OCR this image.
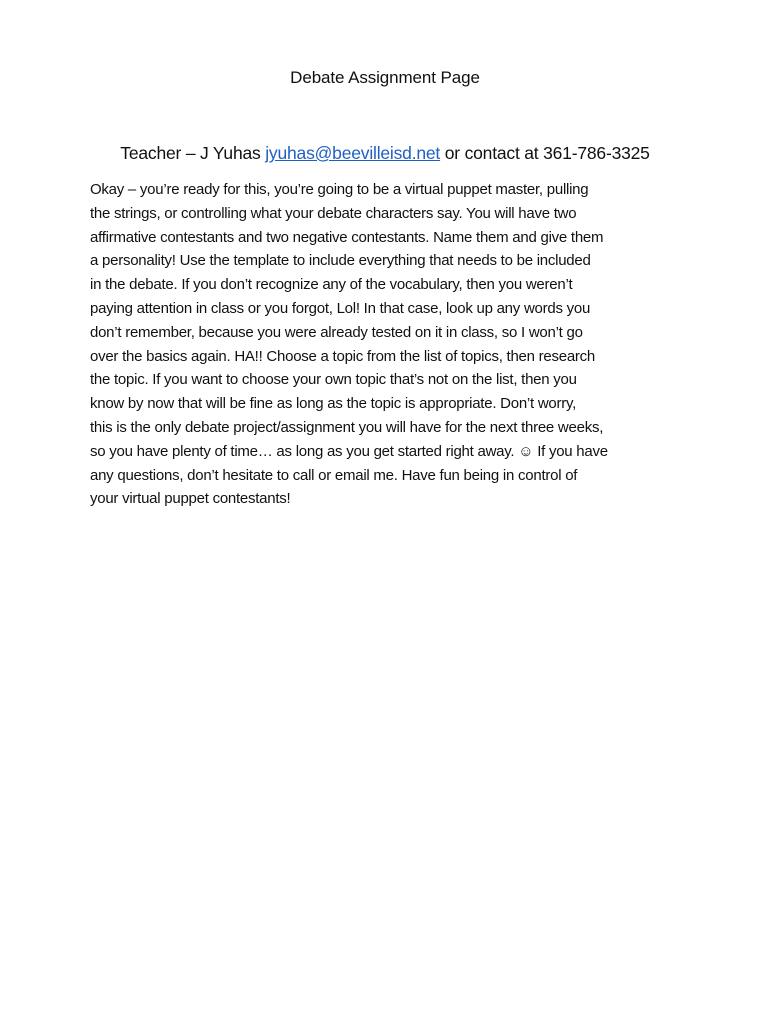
Debate Assignment Page
Teacher – J Yuhas jyuhas@beevilleisd.net or contact at 361-786-3325
Okay – you’re ready for this, you’re going to be a virtual puppet master, pulling
the strings, or controlling what your debate characters say. You will have two
affirmative contestants and two negative contestants. Name them and give them
a personality! Use the template to include everything that needs to be included
in the debate. If you don’t recognize any of the vocabulary, then you weren’t
paying attention in class or you forgot, Lol! In that case, look up any words you
don’t remember, because you were already tested on it in class, so I won’t go
over the basics again. HA!! Choose a topic from the list of topics, then research
the topic. If you want to choose your own topic that’s not on the list, then you
know by now that will be fine as long as the topic is appropriate. Don’t worry,
this is the only debate project/assignment you will have for the next three weeks,
so you have plenty of time… as long as you get started right away. ☺ If you have
any questions, don’t hesitate to call or email me. Have fun being in control of
your virtual puppet contestants!
